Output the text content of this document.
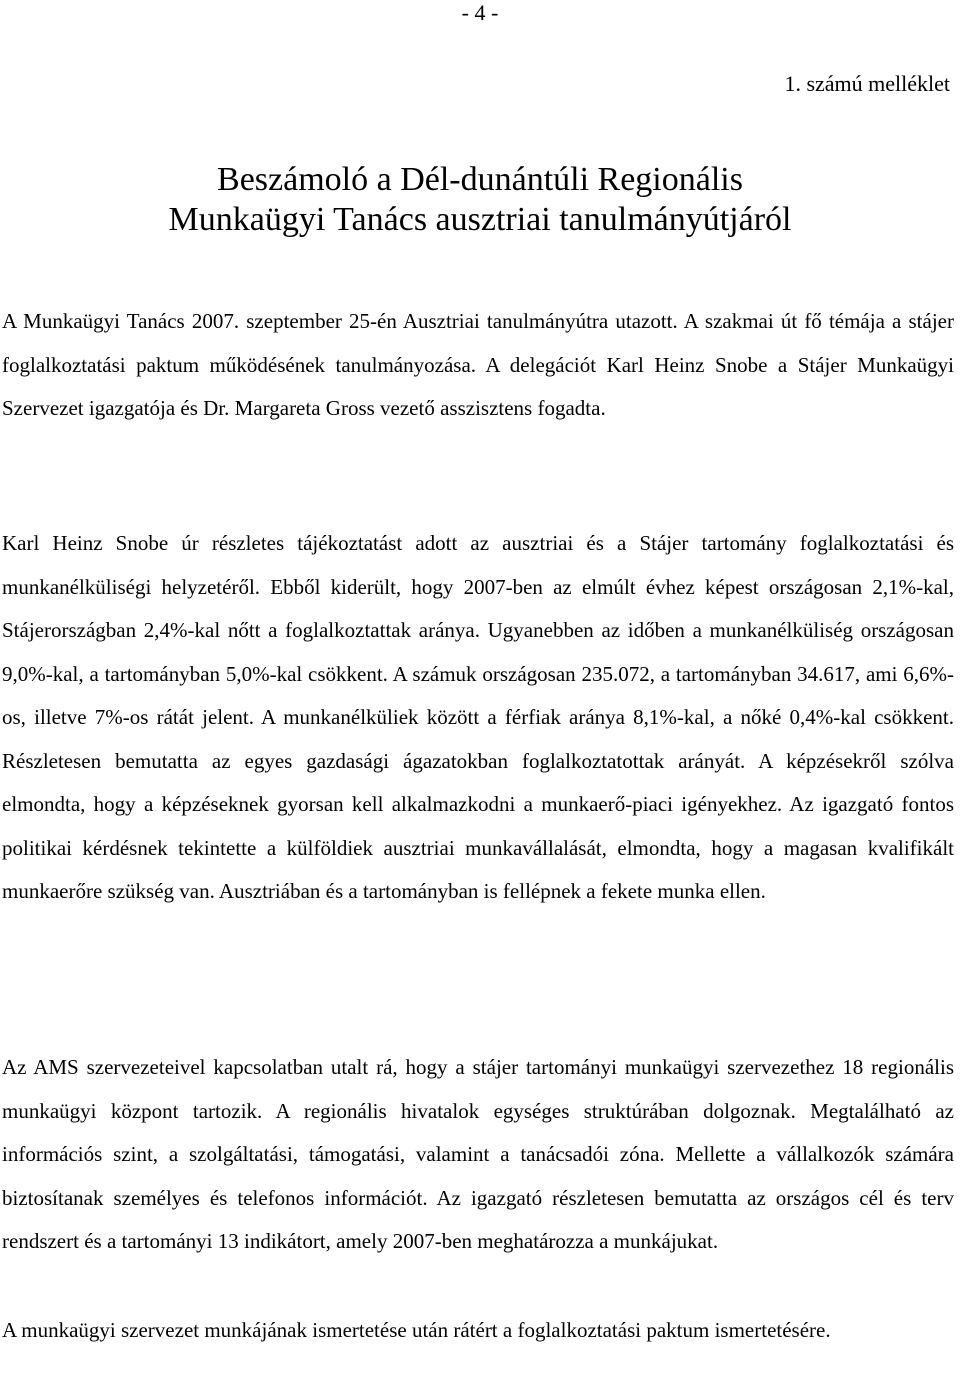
- 4 -
1. számú melléklet
Beszámoló a Dél-dunántúli Regionális
Munkaügyi Tanács ausztriai tanulmányútjáról

A Munkaügyi Tanács 2007. szeptember 25-én Ausztriai tanulmányútra utazott. A szakmai út fő témája a stájer foglalkoztatási paktum működésének tanulmányozása. A delegációt Karl Heinz Snobe a Stájer Munkaügyi Szervezet igazgatója és Dr. Margareta Gross vezető asszisztens fogadta.

Karl Heinz Snobe úr részletes tájékoztatást adott az ausztriai és a Stájer tartomány foglalkoztatási és munkanélküliségi helyzetéről. Ebből kiderült, hogy 2007-ben az elmúlt évhez képest országosan 2,1%-kal, Stájerországban 2,4%-kal nőtt a foglalkoztattak aránya. Ugyanebben az időben a munkanélküliség országosan 9,0%-kal, a tartományban 5,0%-kal csökkent. A számuk országosan 235.072, a tartományban 34.617, ami 6,6%-os, illetve 7%-os rátát jelent. A munkanélküliek között a férfiak aránya 8,1%-kal, a nőké 0,4%-kal csökkent. Részletesen bemutatta az egyes gazdasági ágazatokban foglalkoztatottak arányát. A képzésekről szólva elmondta, hogy a képzéseknek gyorsan kell alkalmazkodni a munkaerő-piaci igényekhez. Az igazgató fontos politikai kérdésnek tekintette a külföldiek ausztriai munkavállalását, elmondta, hogy a magasan kvalifikált munkaerőre szükség van. Ausztriában és a tartományban is fellépnek a fekete munka ellen.

Az AMS szervezeteivel kapcsolatban utalt rá, hogy a stájer tartományi munkaügyi szervezethez 18 regionális munkaügyi központ tartozik. A regionális hivatalok egységes struktúrában dolgoznak. Megtalálható az információs szint, a szolgáltatási, támogatási, valamint a tanácsadói zóna. Mellette a vállalkozók számára biztosítanak személyes és telefonos információt. Az igazgató részletesen bemutatta az országos cél és terv rendszert és a tartományi 13 indikátort, amely 2007-ben meghatározza a munkájukat.

A munkaügyi szervezet munkájának ismertetése után rátért a foglalkoztatási paktum ismertetésére.
